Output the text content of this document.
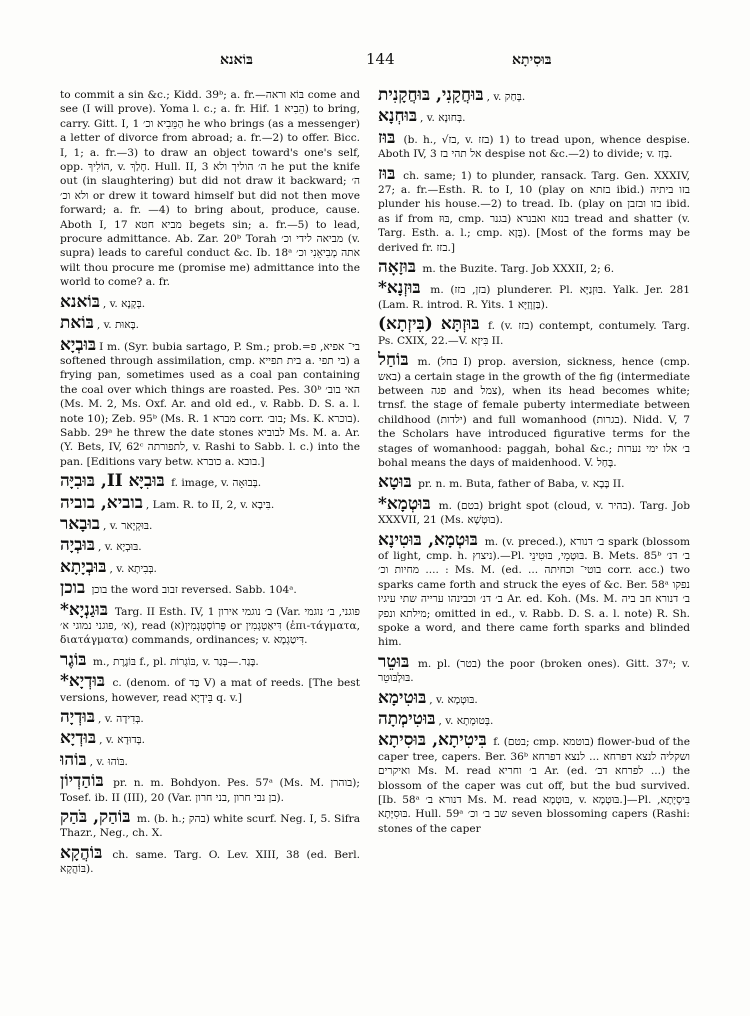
בּוֹאנא	144	בּוּסִיתָא

to commit a sin &c.; Kidd. 39ᵇ; a. fr.—בּוֹא וראה come and see (I will prove). Yoma l. c.; a. fr. Hif. הֵבִיא 1) to bring, carry. Gitt. I, 1 הַמֵּבִיא וכ׳ he who brings (as a messenger) a letter of divorce from abroad; a. fr.—2) to offer. Bicc. I, 1; a. fr.—3) to draw an object toward's one's self, opp. הוֹלִיךְ, v. חָלַךְ. Hull. II, 3 ה׳ הוליך ולא he put the knife out (in slaughtering) but did not draw it backward; ה׳ ולא וכ׳ or drew it toward himself but did not then move forward; a. fr. —4) to bring about, produce, cause. Aboth I, 17 מביא חטא begets sin; a. fr.—5) to lead, procure admittance. Ab. Zar. 20ᵇ Torah מביאה לידי וכ׳ (v. supra) leads to careful conduct &c. Ib. 18ᵃ אתה מְבִיאֵנִי וכ׳ wilt thou procure me (promise me) admittance into the world to come? a. fr.

בּוֹאנא , v. בְּקָנָא.

בּוֹאת , v. בָּאוּת.

בּוּבְיָא I m. (Syr. bubia sartago, P. Sm.; prob.=בי־ אפיא, פ softened through assimilation, cmp. בית תפייא a. בי תפי) a frying pan, sometimes used as a coal pan containing the coal over which things are roasted. Pes. 30ᵇ האי בוב׳ (Ms. M. 2, Ms. Oxf. Ar. and old ed., v. Rabb. D. S. a. l. note 10); Zeb. 95ᵇ (Ms. R. 1 מברא corr. בוב׳; Ms. K. בוכרא). Sabb. 29ᵃ he threw the date stones לבוביא Ms. M. a. Ar. (Y. Bets, IV, 62ᶜ לתפורתה, v. Rashi to Sabb. l. c.) into the pan. [Editions vary betw. כוברא a. בובא.]

בּוּבִיָּא II, בּוּבִיָּה f. image, v. בְּבוּאָה.

בוביא, בוביה , Lam. R. to II, 2, v. בִּיבָא.

בוּבָאר , v. בּוּקְיָאר.

בּוּבְיָה , v. בּוּבְיָא.

בּוּבְיָתָא , v. בְּבִיתָא.

בוכן בוכן the word זבוב reversed. Sabb. 104ᵃ.

בּוּגַנְיָא* Targ. II Esth. IV, 1 ב׳ נוגמי אירון (Var. פוגני, ב׳ נוגמי א׳ ,פוגני נמוגי א׳), read (א)פְּרוֹסְטְגְמִין or דִּיאַטְגְמִין (ἐπι-τάγματα, διατάγματα) commands, ordinances; v. דִּיטַגְמָא.

בּוֹגֶר m., בּוֹגֶרֶת f., pl. בּוֹגְרוֹת, v. בָּגַר.—בְּגַר.

בּוּדְיָא* c. (denom. of בַּד V) a mat of reeds. [The best versions, however, read בֵּידְיָא q. v.]

בּוּדְיָה , v. בְּדִידָה.

בּוּדְיָא , v. בְּדוּדָא.

בּוֹהוּ , v. בּוֹהוּ.

בּוֹהַדְיוֹן pr. n. m. Bohdyon. Pes. 57ᵃ (Ms. M. בוהרן); Tosef. ib. II (III), 20 (Var. בן נבי חרון ,בני חרון).

בּוֹהַק, בֹּהַק m. (b. h.; בהק) white scurf. Neg. I, 5. Sifra Thazr., Neg., ch. X.

בּוֹהֲקָא ch. same. Targ. O. Lev. XIII, 38 (ed. Berl. בּוֹהֲקָא).

בּוּחֲקָנִי, בּוּחֲקָנִית , v. בְּחַק.

בּוּחְנָא , v. בְּחוּנָא.

בּוּז (b. h., √בז, v. בזז) 1) to tread upon, whence despise. Aboth IV, 3 אל תהי בז despise not &c.—2) to divide; v. בָּזַז.

בּוּז ch. same; 1) to plunder, ransack. Targ. Gen. XXXIV, 27; a. fr.—Esth. R. to I, 10 (play on בזתא ibid.) בזו ביתיה plunder his house.—2) to tread. Ib. (play on בזו ובזבן ibid. as if from בּוּז, cmp. בגנר) בנזא ואבנרא tread and shatter (v. Targ. Esth. a. l.; cmp. בְּזָא). [Most of the forms may be derived fr. בזז.]

בּוּזָאָה m. the Buzite. Targ. Job XXXII, 2; 6.

בּוּזְנָא* m. (בזן, בזז) plunderer. Pl. בּוּזְנַיָּא. Yalk. Jer. 281 (Lam. R. introd. R. Yits. 1 בַּזְוָזַיָּא).

בּוּזְתָּא (בִּיזְתָא) f. (v. בזז) contempt, contumely. Targ. Ps. CXIX, 22.—V. בִּיזָא II.

בּוֹחַל m. (בחל I) prop. aversion, sickness, hence (cmp. באש) a certain stage in the growth of the fig (intermediate between פגה and צמל), when its head becomes white; trnsf. the stage of female puberty intermediate between childhood (ילדות) and full womanhood (בגרות). Nidd. V, 7 the Scholars have introduced figurative terms for the stages of womanhood: paggah, bohal &c.; ב׳ אלו ימי נערות bohal means the days of maidenhood. V. בָּחַל.

בּוּטָא pr. n. m. Buta, father of Baba, v. בָּבָא II.

בּוּטְמָא* m. (בטם) bright spot (cloud, v. בהיר). Targ. Job XXXVII, 21 (Ms. בוּטְשָׁא).

בּוּטְמָא, בּוּטִינָא m. (v. preced.), ב׳ דנורא spark (blossom of light, cmp. h. ניצוץ).—Pl. בּוּטְמֵי, בּוּטִינֵי. B. Mets. 85ᵇ ב׳ דנ׳ מחיות וכ׳ .... : Ms. M. (ed. ... בוטי־ וכחיתה corr. acc.) two sparks came forth and struck the eyes of &c. Ber. 58ᵃ נפקו ב׳ דנ׳ וכבינהו ערייה שתי עיגיו Ar. ed. Koh. (Ms. M. ב׳ דנורא חב ביה מילתא ונפק; omitted in ed., v. Rabb. D. S. a. l. note) R. Sh. spoke a word, and there came forth sparks and blinded him.

בּוּטֵר m. pl. (בטר) the poor (broken ones). Gitt. 37ᵃ; v. בּוּלְבּוּטֵר.

בּוּטִימָא , v. בּוּטְמָא.

בּוּטִימְתָה , v. בְּטוּמְתָא.

בִּיטִיתָא, בּוּסִיתָא f. (בטם; cmp. בוטמא) flower-bud of the caper tree, capers. Ber. 36ᵇ ושקליה לנצא דפרחא ... לנצא דפרחא ואיקרים Ms. M. read ב׳ וחריא Ar. (ed. לפרחא דב׳ ...) the blossom of the caper was cut off, but the bud survived. [Ib. 58ᵃ דנורא ב׳ Ms. M. read בּוּטְמָא, v. בּוּטְמָא.]—Pl. בִּיסְיָתָא, בּוּסִיָּתָא. Hull. 59ᵃ שב ב׳ וכ׳ seven blossoming capers (Rashi: stones of the caper
